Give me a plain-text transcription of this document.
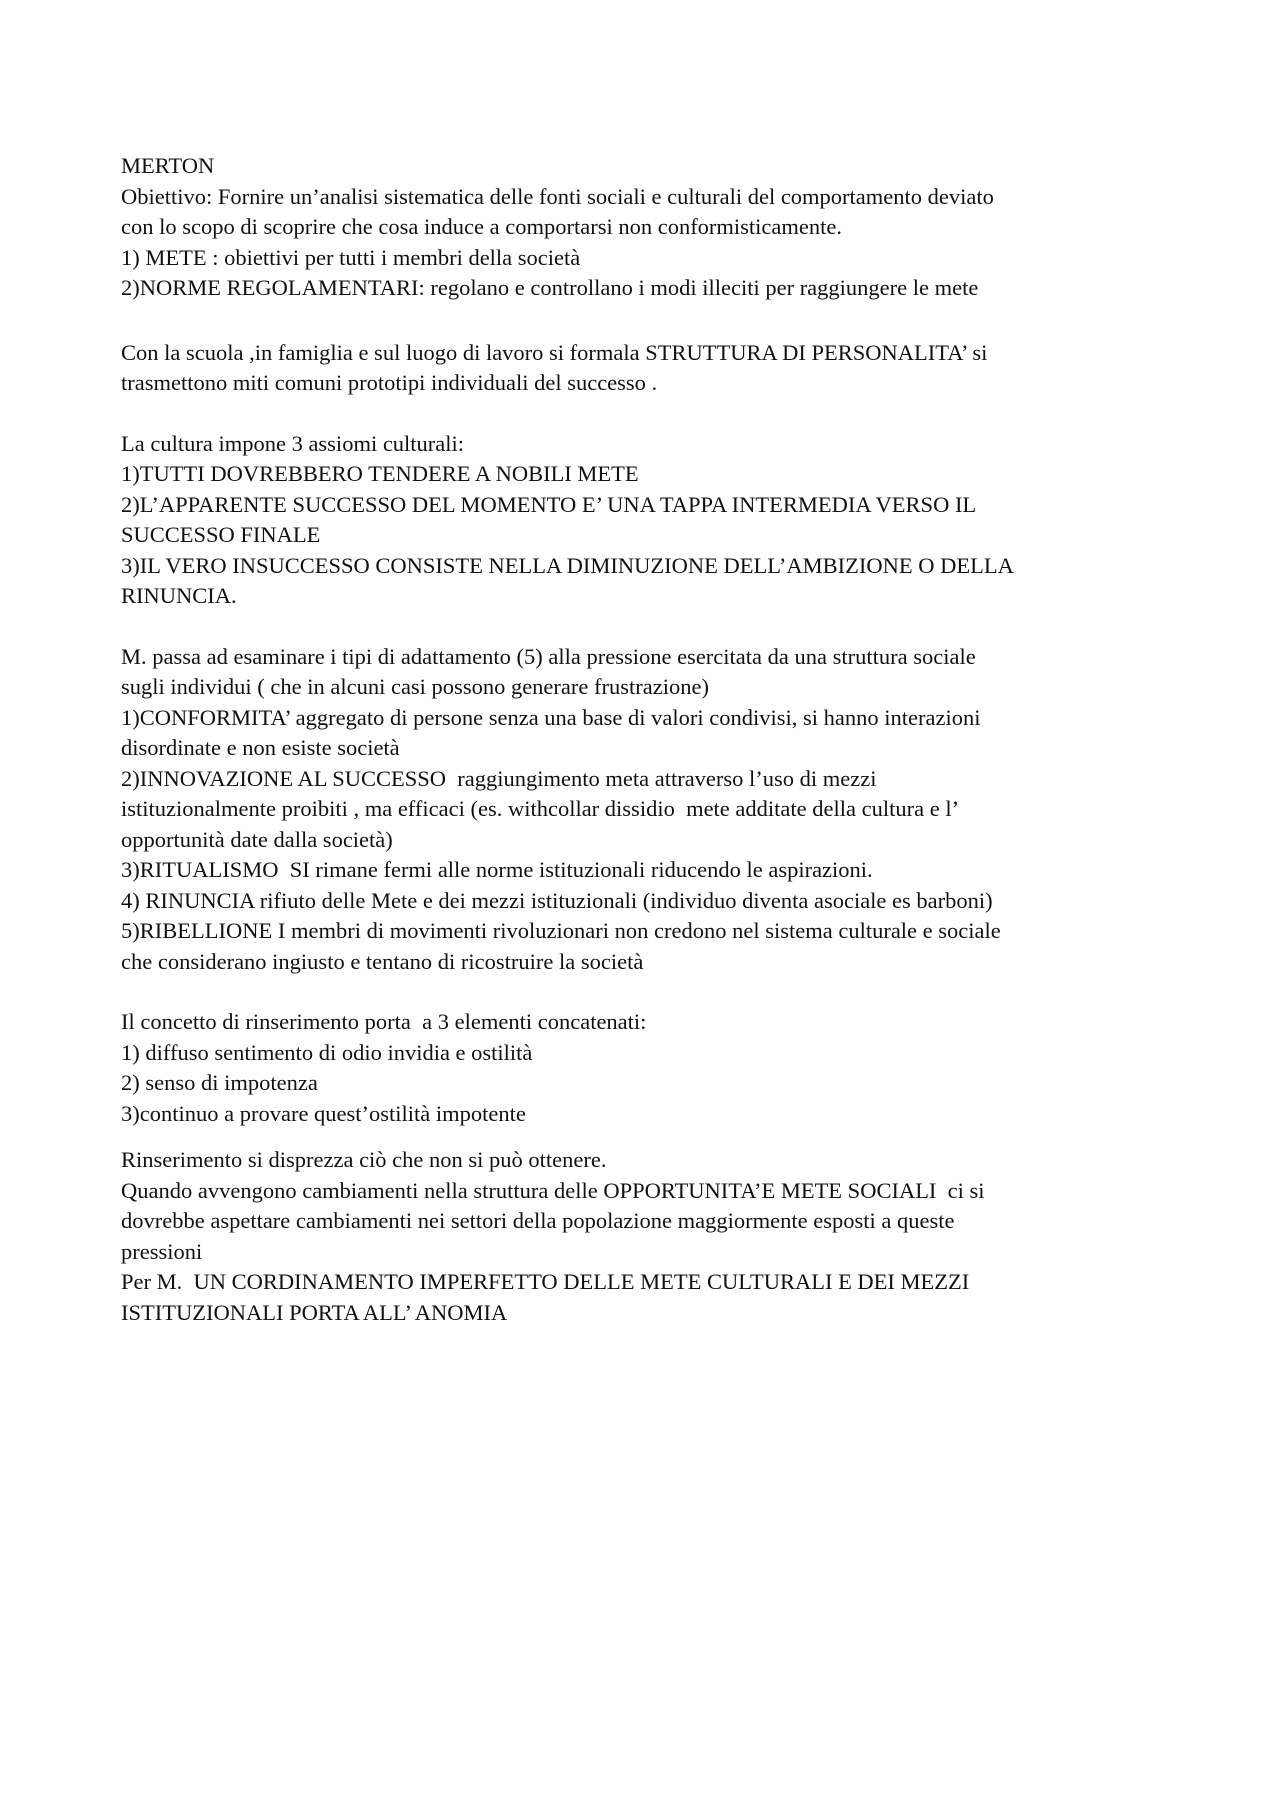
MERTON
Obiettivo: Fornire un’analisi sistematica delle fonti sociali e culturali del comportamento deviato
con lo scopo di scoprire che cosa induce a comportarsi non conformisticamente.
1) METE : obiettivi per tutti i membri della società
2)NORME REGOLAMENTARI: regolano e controllano i modi illeciti per raggiungere le mete
Con la scuola ,in famiglia e sul luogo di lavoro si formala STRUTTURA DI PERSONALITA’ si
trasmettono miti comuni prototipi individuali del successo .
La cultura impone 3 assiomi culturali:
1)TUTTI DOVREBBERO TENDERE A NOBILI METE
2)L’APPARENTE SUCCESSO DEL MOMENTO E’ UNA TAPPA INTERMEDIA VERSO IL
SUCCESSO FINALE
3)IL VERO INSUCCESSO CONSISTE NELLA DIMINUZIONE DELL’AMBIZIONE O DELLA
RINUNCIA.
M. passa ad esaminare i tipi di adattamento (5) alla pressione esercitata da una struttura sociale
sugli individui ( che in alcuni casi possono generare frustrazione)
1)CONFORMITA’ aggregato di persone senza una base di valori condivisi, si hanno interazioni
disordinate e non esiste società
2)INNOVAZIONE AL SUCCESSO  raggiungimento meta attraverso l’uso di mezzi
istituzionalmente proibiti , ma efficaci (es. withcollar dissidio  mete additate della cultura e l’
opportunità date dalla società)
3)RITUALISMO  SI rimane fermi alle norme istituzionali riducendo le aspirazioni.
4) RINUNCIA rifiuto delle Mete e dei mezzi istituzionali (individuo diventa asociale es barboni)
5)RIBELLIONE I membri di movimenti rivoluzionari non credono nel sistema culturale e sociale
che considerano ingiusto e tentano di ricostruire la società
Il concetto di rinserimento porta  a 3 elementi concatenati:
1) diffuso sentimento di odio invidia e ostilità
2) senso di impotenza
3)continuo a provare quest’ostilità impotente
Rinserimento si disprezza ciò che non si può ottenere.
Quando avvengono cambiamenti nella struttura delle OPPORTUNITA’E METE SOCIALI  ci si
dovrebbe aspettare cambiamenti nei settori della popolazione maggiormente esposti a queste
pressioni
Per M.  UN CORDINAMENTO IMPERFETTO DELLE METE CULTURALI E DEI MEZZI
ISTITUZIONALI PORTA ALL’ ANOMIA
